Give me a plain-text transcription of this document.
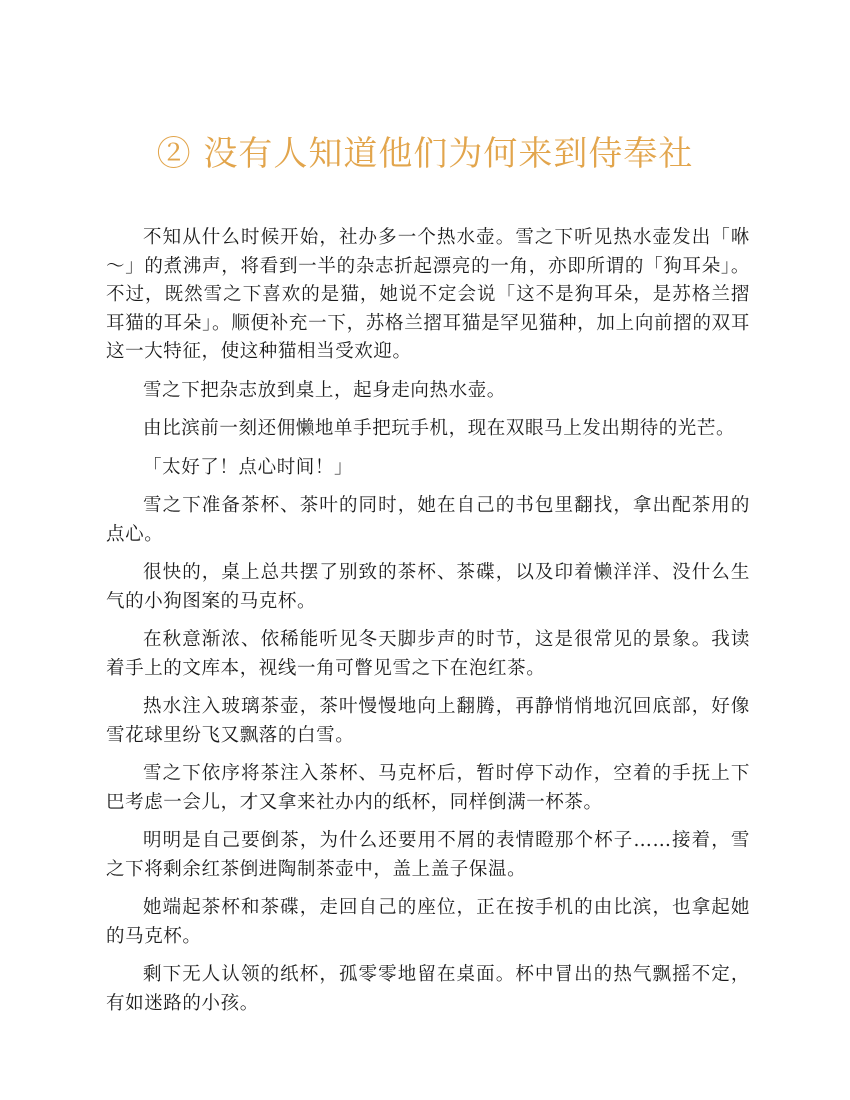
② 没有人知道他们为何来到侍奉社

不知从什么时候开始，社办多一个热水壶。雪之下听见热水壶发出「咻～」的煮沸声，将看到一半的杂志折起漂亮的一角，亦即所谓的「狗耳朵」。不过，既然雪之下喜欢的是猫，她说不定会说「这不是狗耳朵，是苏格兰摺耳猫的耳朵」。顺便补充一下，苏格兰摺耳猫是罕见猫种，加上向前摺的双耳这一大特征，使这种猫相当受欢迎。

雪之下把杂志放到桌上，起身走向热水壶。

由比滨前一刻还佣懒地单手把玩手机，现在双眼马上发出期待的光芒。

「太好了！点心时间！」

雪之下准备茶杯、茶叶的同时，她在自己的书包里翻找，拿出配茶用的点心。

很快的，桌上总共摆了别致的茶杯、茶碟，以及印着懒洋洋、没什么生气的小狗图案的马克杯。

在秋意渐浓、依稀能听见冬天脚步声的时节，这是很常见的景象。我读着手上的文库本，视线一角可瞥见雪之下在泡红茶。

热水注入玻璃茶壶，茶叶慢慢地向上翻腾，再静悄悄地沉回底部，好像雪花球里纷飞又飘落的白雪。

雪之下依序将茶注入茶杯、马克杯后，暂时停下动作，空着的手抚上下巴考虑一会儿，才又拿来社办内的纸杯，同样倒满一杯茶。

明明是自己要倒茶，为什么还要用不屑的表情瞪那个杯子……接着，雪之下将剩余红茶倒进陶制茶壶中，盖上盖子保温。

她端起茶杯和茶碟，走回自己的座位，正在按手机的由比滨，也拿起她的马克杯。

剩下无人认领的纸杯，孤零零地留在桌面。杯中冒出的热气飘摇不定，有如迷路的小孩。
